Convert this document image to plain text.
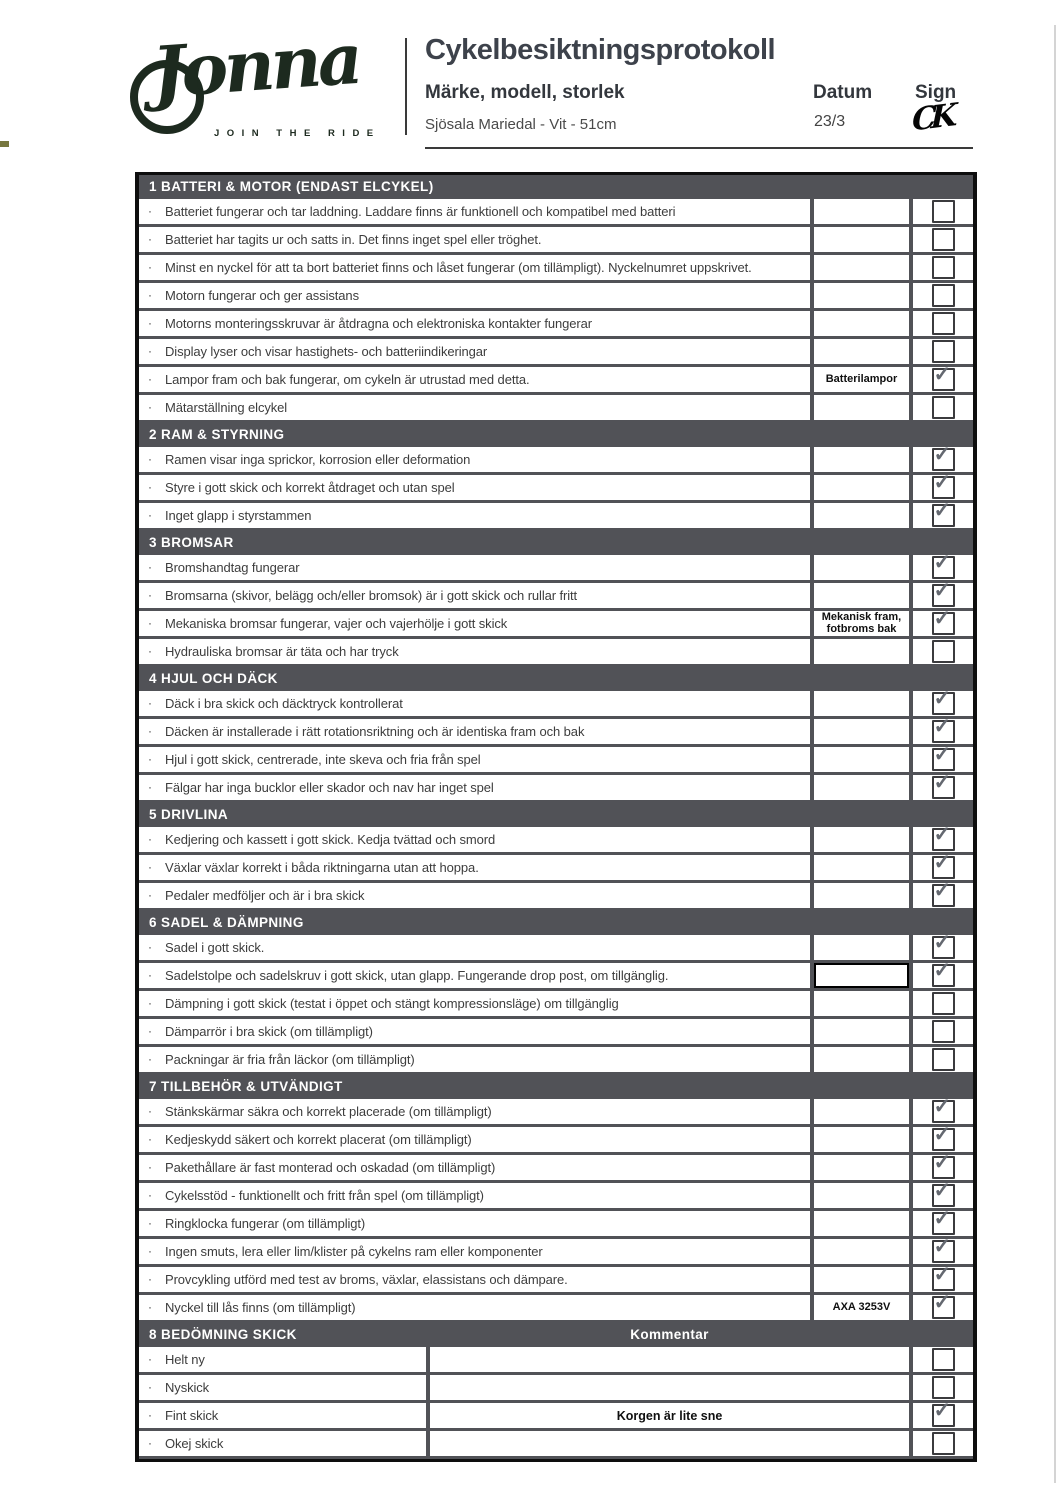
Jonna
JOIN THE RIDE
Cykelbesiktningsprotokoll
Märke, modell, storlek	Datum Sign
Sjösala Mariedal - Vit - 51cm	23/3 CK
1 BATTERI & MOTOR (ENDAST ELCYKEL)
·	Batteriet fungerar och tar laddning. Laddare finns är funktionell och kompatibel med batteri
·	Batteriet har tagits ur och satts in. Det finns inget spel eller tröghet.
·	Minst en nyckel för att ta bort batteriet finns och låset fungerar (om tillämpligt). Nyckelnumret uppskrivet.
·	Motorn fungerar och ger assistans
·	Motorns monteringsskruvar är åtdragna och elektroniska kontakter fungerar
·	Display lyser och visar hastighets- och batteriindikeringar
·	Lampor fram och bak fungerar, om cykeln är utrustad med detta.	Batterilampor	✓
·	Mätarställning elcykel
2 RAM & STYRNING
·	Ramen visar inga sprickor, korrosion eller deformation	✓
·	Styre i gott skick och korrekt åtdraget och utan spel	✓
·	Inget glapp i styrstammen	✓
3 BROMSAR
·	Bromshandtag fungerar	✓
·	Bromsarna (skivor, belägg och/eller bromsok) är i gott skick och rullar fritt	✓
·	Mekaniska bromsar fungerar, vajer och vajerhölje i gott skick	Mekanisk fram, fotbroms bak	✓
·	Hydrauliska bromsar är täta och har tryck
4 HJUL OCH DÄCK
·	Däck i bra skick och däcktryck kontrollerat	✓
·	Däcken är installerade i rätt rotationsriktning och är identiska fram och bak	✓
·	Hjul i gott skick, centrerade, inte skeva och fria från spel	✓
·	Fälgar har inga bucklor eller skador och nav har inget spel	✓
5 DRIVLINA
·	Kedjering och kassett i gott skick. Kedja tvättad och smord	✓
·	Växlar växlar korrekt i båda riktningarna utan att hoppa.	✓
·	Pedaler medföljer och är i bra skick	✓
6 SADEL & DÄMPNING
·	Sadel i gott skick.	✓
·	Sadelstolpe och sadelskruv i gott skick, utan glapp. Fungerande drop post, om tillgänglig.	✓
·	Dämpning i gott skick (testat i öppet och stängt kompressionsläge) om tillgänglig
·	Dämparrör i bra skick (om tillämpligt)
·	Packningar är fria från läckor (om tillämpligt)
7 TILLBEHÖR & UTVÄNDIGT
·	Stänkskärmar säkra och korrekt placerade (om tillämpligt)	✓
·	Kedjeskydd säkert och korrekt placerat (om tillämpligt)	✓
·	Pakethållare är fast monterad och oskadad (om tillämpligt)	✓
·	Cykelsstöd - funktionellt och fritt från spel (om tillämpligt)	✓
·	Ringklocka fungerar (om tillämpligt)	✓
·	Ingen smuts, lera eller lim/klister på cykelns ram eller komponenter	✓
·	Provcykling utförd med test av broms, växlar, elassistans och dämpare.	✓
·	Nyckel till lås finns (om tillämpligt)	AXA 3253V	✓
8 BEDÖMNING SKICK	Kommentar
·	Helt ny
·	Nyskick
·	Fint skick	Korgen är lite sne	✓
·	Okej skick
